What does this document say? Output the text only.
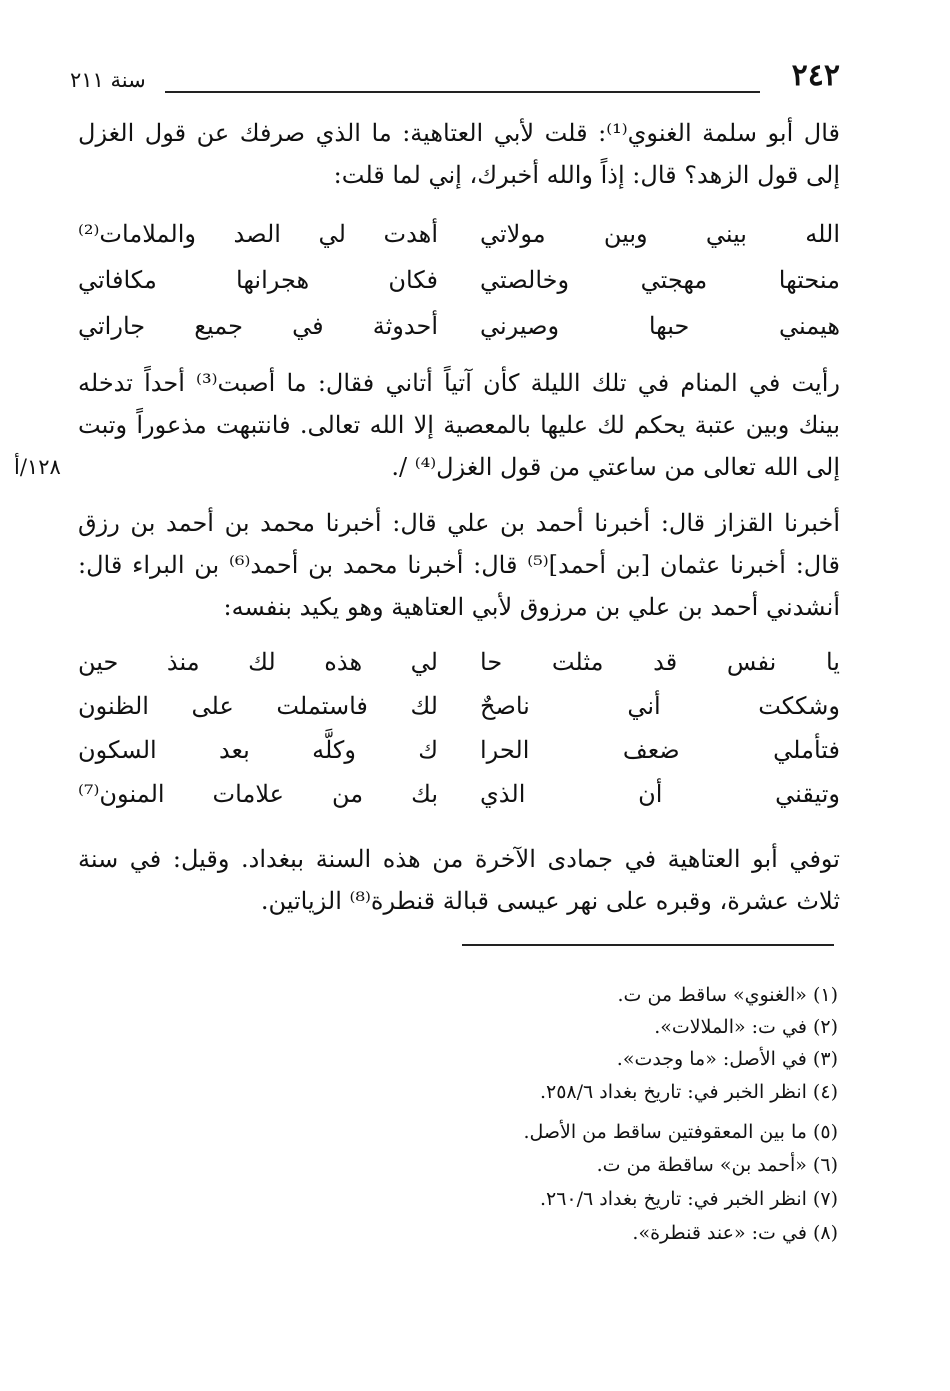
٢٤٢
سنة ٢١١
قال أبو سلمة الغنوي⁽¹⁾: قلت لأبي العتاهية: ما الذي صرفك عن قول الغزل إلى قول الزهد؟ قال: إذاً والله أخبرك، إني لما قلت:
الله بيني وبين مولاتي
أهدت لي الصد والملامات⁽²⁾
منحتها مهجتي وخالصتي
فكان هجرانها مكافاتي
هيمني حبها وصيرني
أحدوثة في جميع جاراتي
رأيت في المنام في تلك الليلة كأن آتياً أتاني فقال: ما أصبت⁽³⁾ أحداً تدخله بينك وبين عتبة يحكم لك عليها بالمعصية إلا الله تعالى. فانتبهت مذعوراً وتبت إلى الله تعالى من ساعتي من قول الغزل⁽⁴⁾ /.
١٢٨/أ
أخبرنا القزاز قال: أخبرنا أحمد بن علي قال: أخبرنا محمد بن أحمد بن رزق قال: أخبرنا عثمان [بن أحمد]⁽⁵⁾ قال: أخبرنا محمد بن أحمد⁽⁶⁾ بن البراء قال: أنشدني أحمد بن علي بن مرزوق لأبي العتاهية وهو يكيد بنفسه:
يا نفس قد مثلت حا
لي هذه لك منذ حين
وشككت أني ناصحٌ
لك فاستملت على الظنون
فتأملي ضعف الحرا
ك وكلَّه بعد السكون
وتيقني أن الذي
بك من علامات المنون⁽⁷⁾
توفي أبو العتاهية في جمادى الآخرة من هذه السنة ببغداد. وقيل: في سنة ثلاث عشرة، وقبره على نهر عيسى قبالة قنطرة⁽⁸⁾ الزياتين.
(١) «الغنوي» ساقط من ت.
(٢) في ت: «الملالات».
(٣) في الأصل: «ما وجدت».
(٤) انظر الخبر في: تاريخ بغداد ٢٥٨/٦.
(٥) ما بين المعقوفتين ساقط من الأصل.
(٦) «أحمد بن» ساقطة من ت.
(٧) انظر الخبر في: تاريخ بغداد ٢٦٠/٦.
(٨) في ت: «عند قنطرة».
